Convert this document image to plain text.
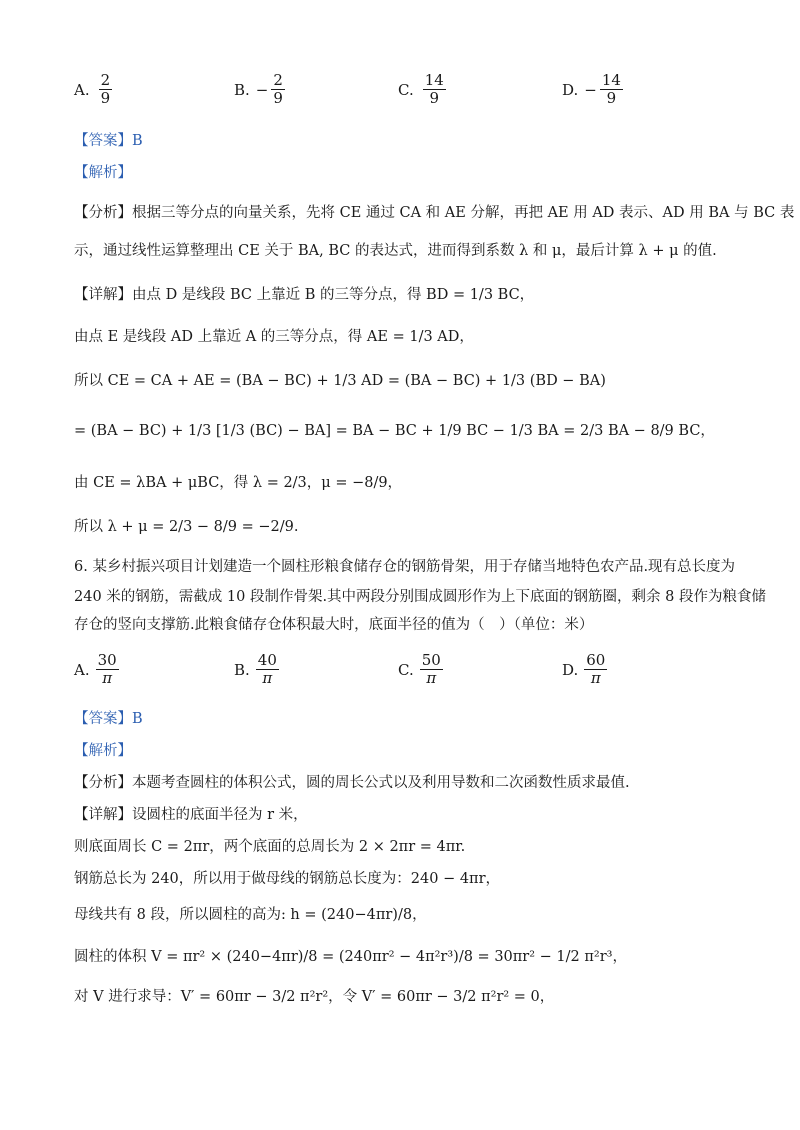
A. $\frac{2}{9}$	B. − $\frac{2}{9}$	C. $\frac{14}{9}$	D. − $\frac{14}{9}$
【答案】B
【解析】
【分析】根据三等分点的向量关系，先将 CE 通过 CA 和 AE 分解，再把 AE 用 AD 表示、AD 用 BA 与 BC 表
示，通过线性运算整理出 CE 关于 BA, BC 的表达式，进而得到系数 λ 和 μ，最后计算 λ + μ 的值.
【详解】由点 D 是线段 BC 上靠近 B 的三等分点，得 BD = 1/3 BC，
由点 E 是线段 AD 上靠近 A 的三等分点，得 AE = 1/3 AD，
所以 CE = CA + AE = (BA − BC) + 1/3 AD = (BA − BC) + 1/3 (BD − BA)
= (BA − BC) + 1/3 [1/3 (BC) − BA] = BA − BC + 1/9 BC − 1/3 BA = 2/3 BA − 8/9 BC，
由 CE = λBA + μBC，得 λ = 2/3，μ = −8/9，
所以 λ + μ = 2/3 − 8/9 = −2/9.
6. 某乡村振兴项目计划建造一个圆柱形粮食储存仓的钢筋骨架，用于存储当地特色农产品.现有总长度为
240 米的钢筋，需截成 10 段制作骨架.其中两段分别围成圆形作为上下底面的钢筋圈，剩余 8 段作为粮食储
存仓的竖向支撑筋.此粮食储存仓体积最大时，底面半径的值为（　）（单位：米）
A. $\frac{30}{\pi}$	B. $\frac{40}{\pi}$	C. $\frac{50}{\pi}$	D. $\frac{60}{\pi}$
【答案】B
【解析】
【分析】本题考查圆柱的体积公式，圆的周长公式以及利用导数和二次函数性质求最值.
【详解】设圆柱的底面半径为 r 米，
则底面周长 C = 2πr，两个底面的总周长为 2 × 2πr = 4πr.
钢筋总长为 240，所以用于做母线的钢筋总长度为：240 − 4πr，
母线共有 8 段，所以圆柱的高为: h = (240−4πr)/8，
圆柱的体积 V = πr² × (240−4πr)/8 = (240πr² − 4π²r³)/8 = 30πr² − 1/2 π²r³，
对 V 进行求导：V′ = 60πr − 3/2 π²r²，令 V′ = 60πr − 3/2 π²r² = 0，
